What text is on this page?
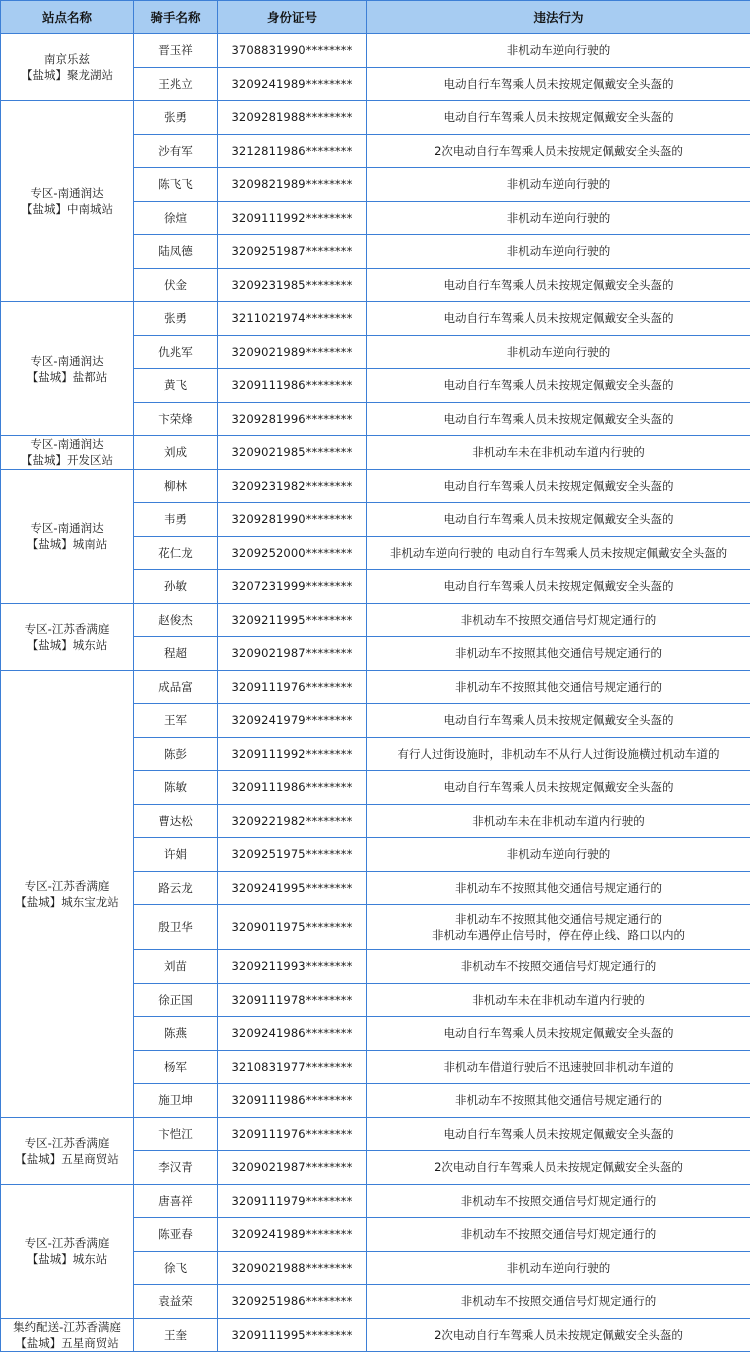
站点名称	骑手名称	身份证号	违法行为
南京乐兹
【盐城】聚龙湖站	晋玉祥	3708831990********	非机动车逆向行驶的
	王兆立	3209241989********	电动自行车驾乘人员未按规定佩戴安全头盔的
专区-南通润达
【盐城】中南城站	张勇	3209281988********	电动自行车驾乘人员未按规定佩戴安全头盔的
	沙有军	3212811986********	2次电动自行车驾乘人员未按规定佩戴安全头盔的
	陈飞飞	3209821989********	非机动车逆向行驶的
	徐煊	3209111992********	非机动车逆向行驶的
	陆凤德	3209251987********	非机动车逆向行驶的
	伏金	3209231985********	电动自行车驾乘人员未按规定佩戴安全头盔的
专区-南通润达
【盐城】盐都站	张勇	3211021974********	电动自行车驾乘人员未按规定佩戴安全头盔的
	仇兆军	3209021989********	非机动车逆向行驶的
	黄飞	3209111986********	电动自行车驾乘人员未按规定佩戴安全头盔的
	卞荣烽	3209281996********	电动自行车驾乘人员未按规定佩戴安全头盔的
专区-南通润达
【盐城】开发区站	刘成	3209021985********	非机动车未在非机动车道内行驶的
专区-南通润达
【盐城】城南站	柳林	3209231982********	电动自行车驾乘人员未按规定佩戴安全头盔的
	韦勇	3209281990********	电动自行车驾乘人员未按规定佩戴安全头盔的
	花仁龙	3209252000********	非机动车逆向行驶的 电动自行车驾乘人员未按规定佩戴安全头盔的
	孙敏	3207231999********	电动自行车驾乘人员未按规定佩戴安全头盔的
专区-江苏香满庭
【盐城】城东站	赵俊杰	3209211995********	非机动车不按照交通信号灯规定通行的
	程超	3209021987********	非机动车不按照其他交通信号规定通行的
专区-江苏香满庭
【盐城】城东宝龙站	成品富	3209111976********	非机动车不按照其他交通信号规定通行的
	王军	3209241979********	电动自行车驾乘人员未按规定佩戴安全头盔的
	陈彭	3209111992********	有行人过街设施时，非机动车不从行人过街设施横过机动车道的
	陈敏	3209111986********	电动自行车驾乘人员未按规定佩戴安全头盔的
	曹达松	3209221982********	非机动车未在非机动车道内行驶的
	许娟	3209251975********	非机动车逆向行驶的
	路云龙	3209241995********	非机动车不按照其他交通信号规定通行的
	殷卫华	3209011975********	非机动车不按照其他交通信号规定通行的
非机动车遇停止信号时，停在停止线、路口以内的
	刘苗	3209211993********	非机动车不按照交通信号灯规定通行的
	徐正国	3209111978********	非机动车未在非机动车道内行驶的
	陈燕	3209241986********	电动自行车驾乘人员未按规定佩戴安全头盔的
	杨军	3210831977********	非机动车借道行驶后不迅速驶回非机动车道的
	施卫坤	3209111986********	非机动车不按照其他交通信号规定通行的
专区-江苏香满庭
【盐城】五星商贸站	卞恺江	3209111976********	电动自行车驾乘人员未按规定佩戴安全头盔的
	李汉青	3209021987********	2次电动自行车驾乘人员未按规定佩戴安全头盔的
专区-江苏香满庭
【盐城】城东站	唐喜祥	3209111979********	非机动车不按照交通信号灯规定通行的
	陈亚春	3209241989********	非机动车不按照交通信号灯规定通行的
	徐飞	3209021988********	非机动车逆向行驶的
	袁益荣	3209251986********	非机动车不按照交通信号灯规定通行的
集约配送-江苏香满庭
【盐城】五星商贸站	王奎	3209111995********	2次电动自行车驾乘人员未按规定佩戴安全头盔的
